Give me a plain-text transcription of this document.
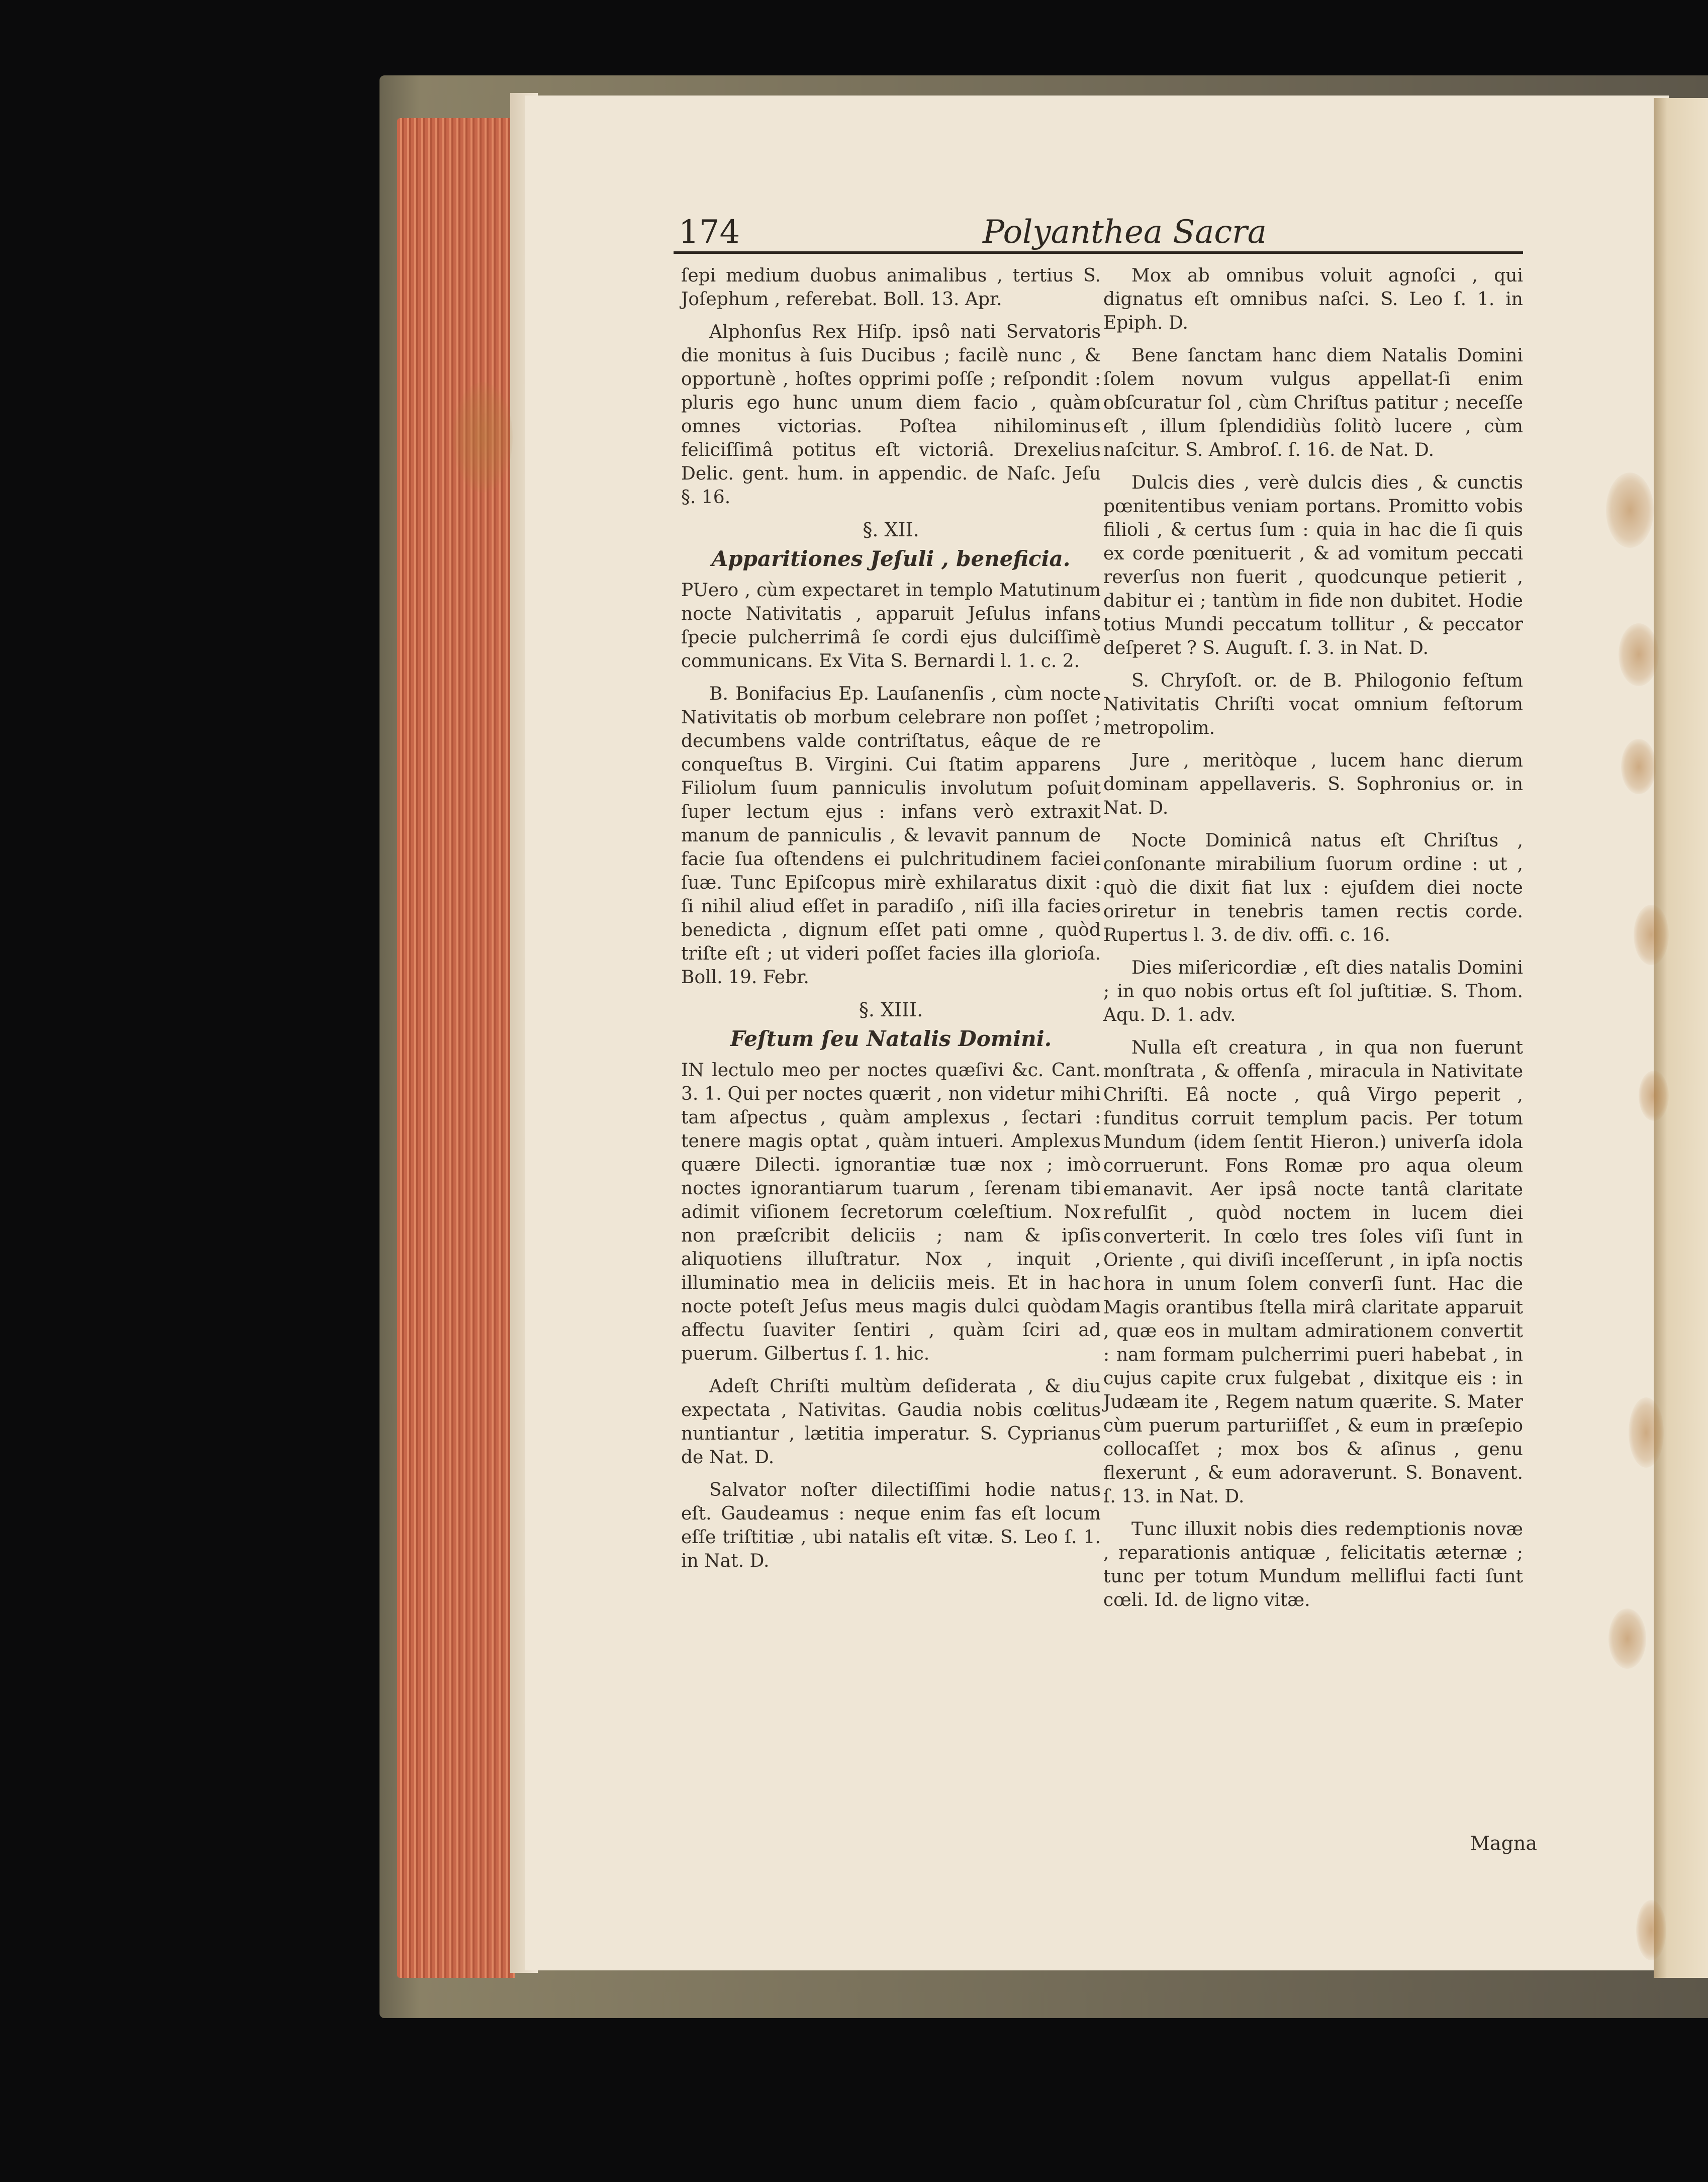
174	Polyanthea Sacra

ſepi medium duobus animalibus , tertius S. Joſephum , referebat. Boll. 13. Apr.

Alphonſus Rex Hiſp. ipsô nati Servatoris die monitus à ſuis Ducibus ; facilè nunc , & opportunè , hoſtes opprimi poſſe ; reſpondit : pluris ego hunc unum diem facio , quàm omnes victorias. Poſtea nihilominus feliciſſimâ potitus eſt victoriâ. Drexelius Delic. gent. hum. in appendic. de Naſc. Jeſu §. 16.

§. XII.
Apparitiones Jeſuli , beneficia.

PUero , cùm expectaret in templo Matutinum nocte Nativitatis , apparuit Jeſulus infans ſpecie pulcherrimâ ſe cordi ejus dulciſſimè communicans. Ex Vita S. Bernardi l. 1. c. 2.

B. Bonifacius Ep. Lauſanenſis , cùm nocte Nativitatis ob morbum celebrare non poſſet ; decumbens valde contriſtatus, eâque de re conqueſtus B. Virgini. Cui ſtatim apparens Filiolum ſuum panniculis involutum poſuit ſuper lectum ejus : infans verò extraxit manum de panniculis , & levavit pannum de facie ſua oſtendens ei pulchritudinem faciei ſuæ. Tunc Epiſcopus mirè exhilaratus dixit : ſi nihil aliud eſſet in paradiſo , niſi illa facies benedicta , dignum eſſet pati omne , quòd triſte eſt ; ut videri poſſet facies illa glorioſa. Boll. 19. Febr.

§. XIII.
Feſtum ſeu Natalis Domini.

IN lectulo meo per noctes quæſivi &c. Cant. 3. 1. Qui per noctes quærit , non videtur mihi tam aſpectus , quàm amplexus , ſectari : tenere magis optat , quàm intueri. Amplexus quære Dilecti. ignorantiæ tuæ nox ; imò noctes ignorantiarum tuarum , ſerenam tibi adimit viſionem ſecretorum cœleſtium. Nox non præſcribit deliciis ; nam & ipſis aliquotiens illuſtratur. Nox , inquit , illuminatio mea in deliciis meis. Et in hac nocte poteſt Jeſus meus magis dulci quòdam affectu ſuaviter ſentiri , quàm ſciri ad puerum. Gilbertus ſ. 1. hic.

Adeſt Chriſti multùm deſiderata , & diu expectata , Nativitas. Gaudia nobis cœlitus nuntiantur , lætitia imperatur. S. Cyprianus de Nat. D.

Salvator noſter dilectiſſimi hodie natus eſt. Gaudeamus : neque enim fas eſt locum eſſe triſtitiæ , ubi natalis eſt vitæ. S. Leo ſ. 1. in Nat. D.

Mox ab omnibus voluit agnoſci , qui dignatus eſt omnibus naſci. S. Leo ſ. 1. in Epiph. D.

Bene ſanctam hanc diem Natalis Domini ſolem novum vulgus appellat-ſi enim obſcuratur ſol , cùm Chriſtus patitur ; neceſſe eſt , illum ſplendidiùs ſolitò lucere , cùm naſcitur. S. Ambroſ. ſ. 16. de Nat. D.

Dulcis dies , verè dulcis dies , & cunctis pœnitentibus veniam portans. Promitto vobis filioli , & certus ſum : quia in hac die ſi quis ex corde pœnituerit , & ad vomitum peccati reverſus non fuerit , quodcunque petierit , dabitur ei ; tantùm in fide non dubitet. Hodie totius Mundi peccatum tollitur , & peccator deſperet ? S. Auguſt. ſ. 3. in Nat. D.

S. Chryſoſt. or. de B. Philogonio feſtum Nativitatis Chriſti vocat omnium feſtorum metropolim.

Jure , meritòque , lucem hanc dierum dominam appellaveris. S. Sophronius or. in Nat. D.

Nocte Dominicâ natus eſt Chriſtus , conſonante mirabilium ſuorum ordine : ut , quò die dixit fiat lux : ejuſdem diei nocte oriretur in tenebris tamen rectis corde. Rupertus l. 3. de div. offi. c. 16.

Dies miſericordiæ , eſt dies natalis Domini ; in quo nobis ortus eſt ſol juſtitiæ. S. Thom. Aqu. D. 1. adv.

Nulla eſt creatura , in qua non fuerunt monſtrata , & offenſa , miracula in Nativitate Chriſti. Eâ nocte , quâ Virgo peperit , funditus corruit templum pacis. Per totum Mundum (idem ſentit Hieron.) univerſa idola corruerunt. Fons Romæ pro aqua oleum emanavit. Aer ipsâ nocte tantâ claritate refulſit , quòd noctem in lucem diei converterit. In cœlo tres ſoles viſi ſunt in Oriente , qui diviſi inceſſerunt , in ipſa noctis hora in unum ſolem converſi ſunt. Hac die Magis orantibus ſtella mirâ claritate apparuit , quæ eos in multam admirationem convertit : nam formam pulcherrimi pueri habebat , in cujus capite crux fulgebat , dixitque eis : in Judæam ite , Regem natum quærite. S. Mater cùm puerum parturiiſſet , & eum in præſepio collocaſſet ; mox bos & aſinus , genu flexerunt , & eum adoraverunt. S. Bonavent. ſ. 13. in Nat. D.

Tunc illuxit nobis dies redemptionis novæ , reparationis antiquæ , felicitatis æternæ ; tunc per totum Mundum melliflui facti ſunt cœli. Id. de ligno vitæ.

Magna
